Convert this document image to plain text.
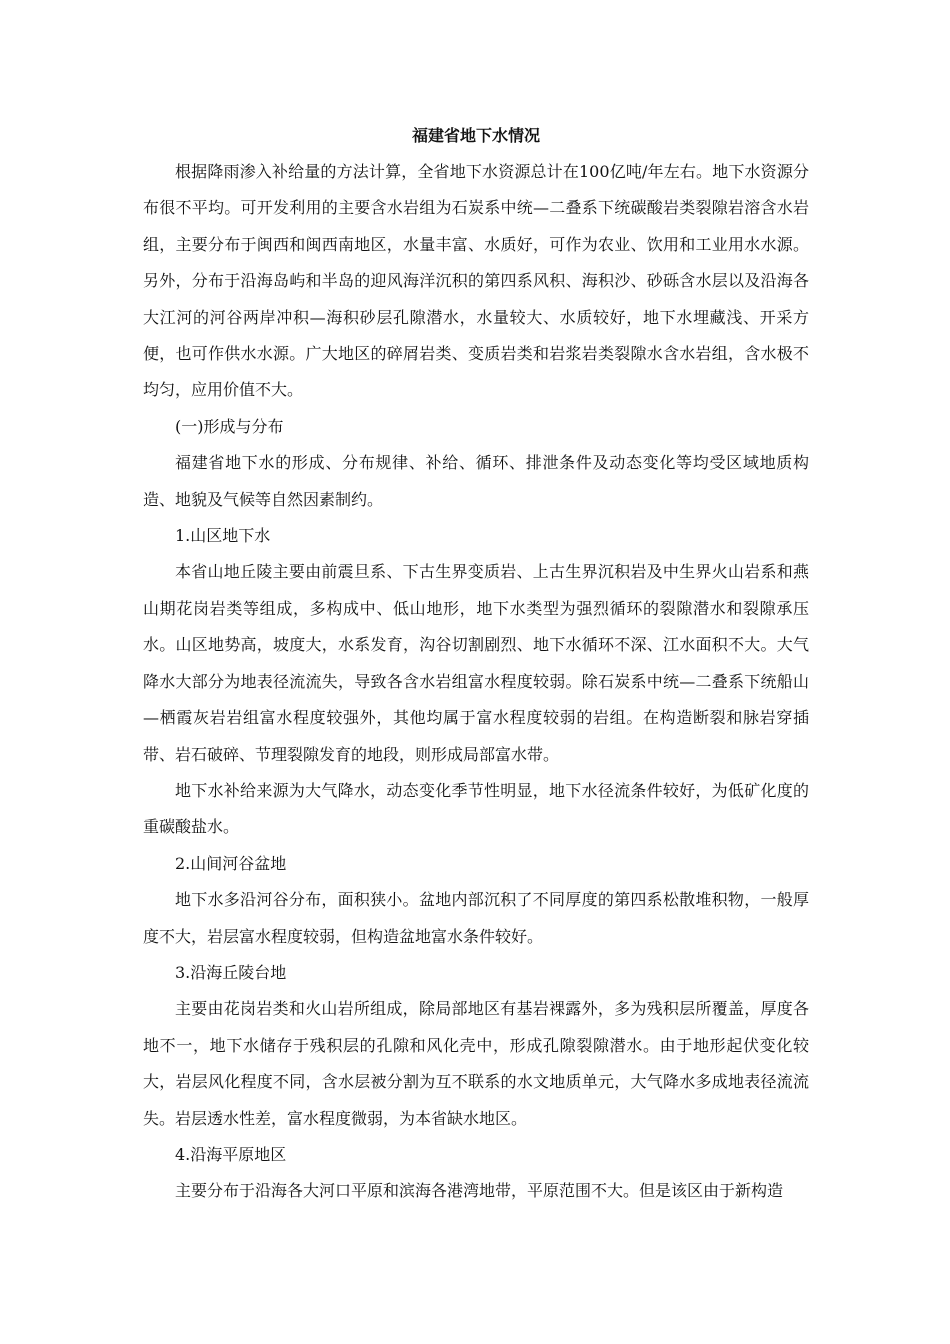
福建省地下水情况

根据降雨渗入补给量的方法计算，全省地下水资源总计在100亿吨/年左右。地下水资源分布很不平均。可开发利用的主要含水岩组为石炭系中统—二叠系下统碳酸岩类裂隙岩溶含水岩组，主要分布于闽西和闽西南地区，水量丰富、水质好，可作为农业、饮用和工业用水水源。另外，分布于沿海岛屿和半岛的迎风海洋沉积的第四系风积、海积沙、砂砾含水层以及沿海各大江河的河谷两岸冲积—海积砂层孔隙潜水，水量较大、水质较好，地下水埋藏浅、开采方便，也可作供水水源。广大地区的碎屑岩类、变质岩类和岩浆岩类裂隙水含水岩组，含水极不均匀，应用价值不大。

(一)形成与分布

福建省地下水的形成、分布规律、补给、循环、排泄条件及动态变化等均受区域地质构造、地貌及气候等自然因素制约。

1.山区地下水

本省山地丘陵主要由前震旦系、下古生界变质岩、上古生界沉积岩及中生界火山岩系和燕山期花岗岩类等组成，多构成中、低山地形，地下水类型为强烈循环的裂隙潜水和裂隙承压水。山区地势高，坡度大，水系发育，沟谷切割剧烈、地下水循环不深、江水面积不大。大气降水大部分为地表径流流失，导致各含水岩组富水程度较弱。除石炭系中统—二叠系下统船山—栖霞灰岩岩组富水程度较强外，其他均属于富水程度较弱的岩组。在构造断裂和脉岩穿插带、岩石破碎、节理裂隙发育的地段，则形成局部富水带。

地下水补给来源为大气降水，动态变化季节性明显，地下水径流条件较好，为低矿化度的重碳酸盐水。

2.山间河谷盆地

地下水多沿河谷分布，面积狭小。盆地内部沉积了不同厚度的第四系松散堆积物，一般厚度不大，岩层富水程度较弱，但构造盆地富水条件较好。

3.沿海丘陵台地

主要由花岗岩类和火山岩所组成，除局部地区有基岩裸露外，多为残积层所覆盖，厚度各地不一，地下水储存于残积层的孔隙和风化壳中，形成孔隙裂隙潜水。由于地形起伏变化较大，岩层风化程度不同，含水层被分割为互不联系的水文地质单元，大气降水多成地表径流流失。岩层透水性差，富水程度微弱，为本省缺水地区。

4.沿海平原地区

主要分布于沿海各大河口平原和滨海各港湾地带，平原范围不大。但是该区由于新构造
